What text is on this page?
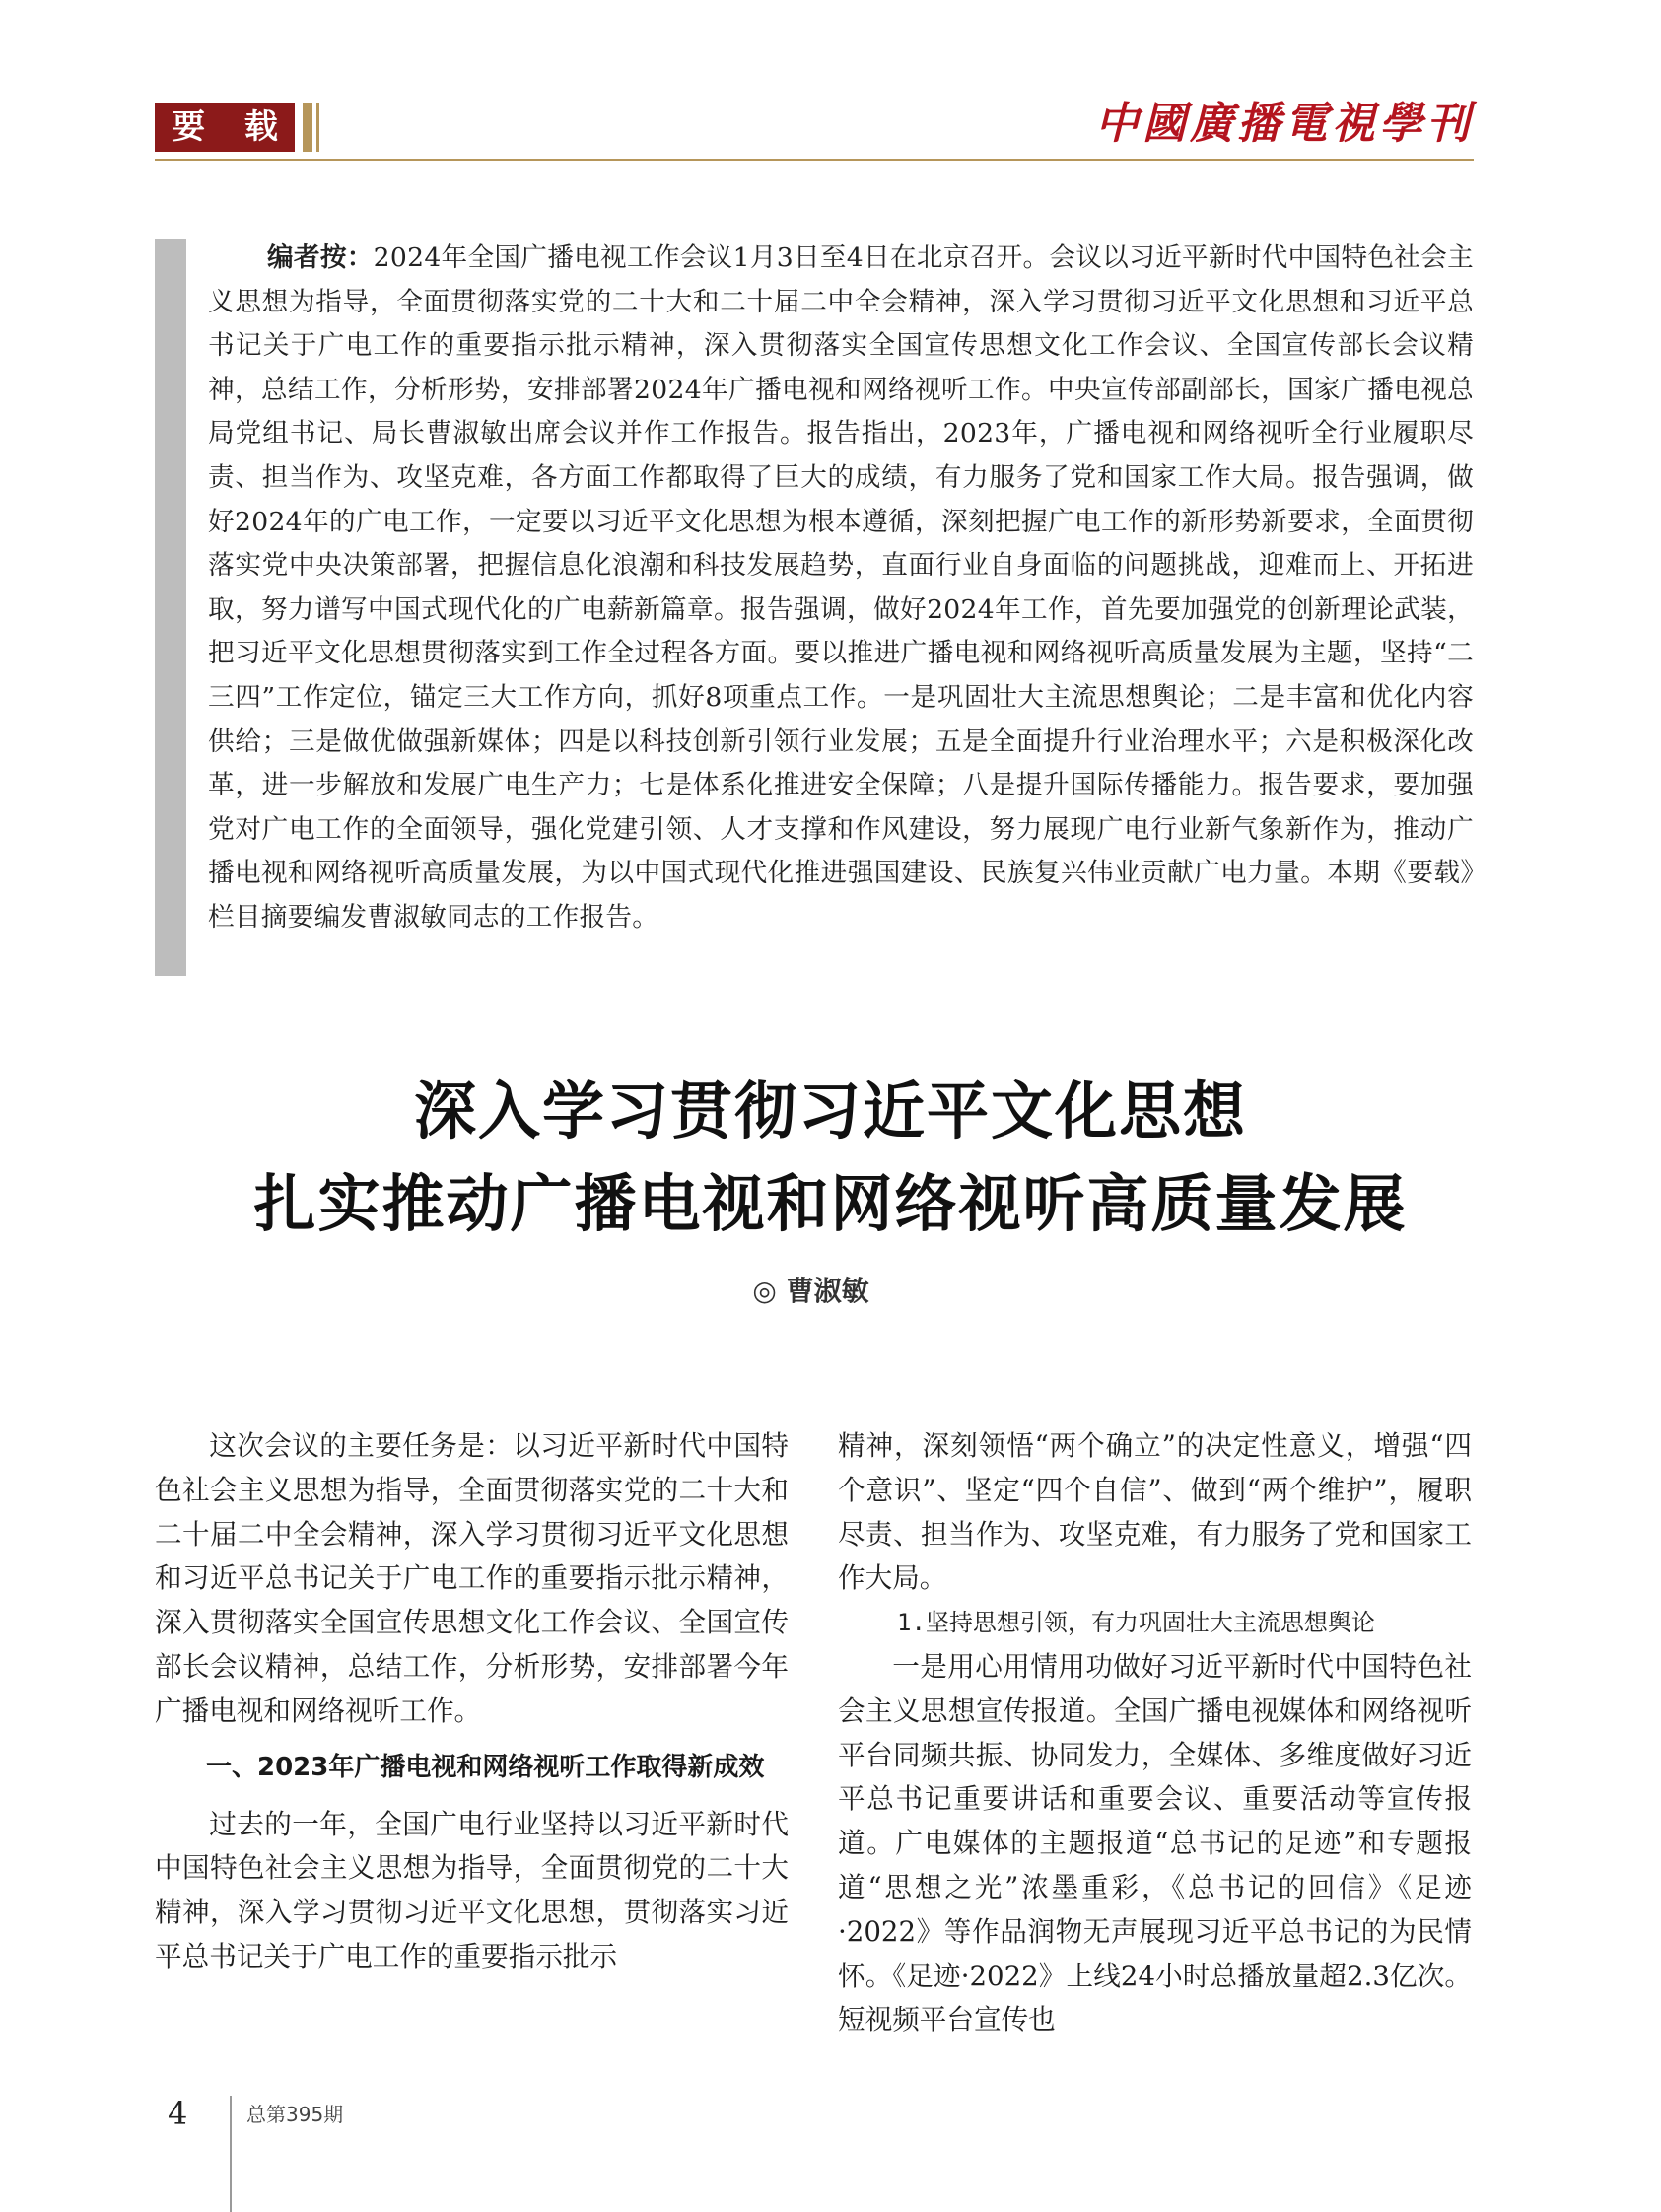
要 载	中國廣播電視學刊

编者按：2024年全国广播电视工作会议1月3日至4日在北京召开。会议以习近平新时代中国特色社会主义思想为指导，全面贯彻落实党的二十大和二十届二中全会精神，深入学习贯彻习近平文化思想和习近平总书记关于广电工作的重要指示批示精神，深入贯彻落实全国宣传思想文化工作会议、全国宣传部长会议精神，总结工作，分析形势，安排部署2024年广播电视和网络视听工作。中央宣传部副部长，国家广播电视总局党组书记、局长曹淑敏出席会议并作工作报告。报告指出，2023年，广播电视和网络视听全行业履职尽责、担当作为、攻坚克难，各方面工作都取得了巨大的成绩，有力服务了党和国家工作大局。报告强调，做好2024年的广电工作，一定要以习近平文化思想为根本遵循，深刻把握广电工作的新形势新要求，全面贯彻落实党中央决策部署，把握信息化浪潮和科技发展趋势，直面行业自身面临的问题挑战，迎难而上、开拓进取，努力谱写中国式现代化的广电薪新篇章。报告强调，做好2024年工作，首先要加强党的创新理论武装，把习近平文化思想贯彻落实到工作全过程各方面。要以推进广播电视和网络视听高质量发展为主题，坚持“二三四”工作定位，锚定三大工作方向，抓好8项重点工作。一是巩固壮大主流思想舆论；二是丰富和优化内容供给；三是做优做强新媒体；四是以科技创新引领行业发展；五是全面提升行业治理水平；六是积极深化改革，进一步解放和发展广电生产力；七是体系化推进安全保障；八是提升国际传播能力。报告要求，要加强党对广电工作的全面领导，强化党建引领、人才支撑和作风建设，努力展现广电行业新气象新作为，推动广播电视和网络视听高质量发展，为以中国式现代化推进强国建设、民族复兴伟业贡献广电力量。本期《要载》栏目摘要编发曹淑敏同志的工作报告。

深入学习贯彻习近平文化思想
扎实推动广播电视和网络视听高质量发展
◎ 曹淑敏

这次会议的主要任务是：以习近平新时代中国特色社会主义思想为指导，全面贯彻落实党的二十大和二十届二中全会精神，深入学习贯彻习近平文化思想和习近平总书记关于广电工作的重要指示批示精神，深入贯彻落实全国宣传思想文化工作会议、全国宣传部长会议精神，总结工作，分析形势，安排部署今年广播电视和网络视听工作。

一、2023年广播电视和网络视听工作取得新成效

过去的一年，全国广电行业坚持以习近平新时代中国特色社会主义思想为指导，全面贯彻党的二十大精神，深入学习贯彻习近平文化思想，贯彻落实习近平总书记关于广电工作的重要指示批示

精神，深刻领悟“两个确立”的决定性意义，增强“四个意识”、坚定“四个自信”、做到“两个维护”，履职尽责、担当作为、攻坚克难，有力服务了党和国家工作大局。

1.坚持思想引领，有力巩固壮大主流思想舆论

一是用心用情用功做好习近平新时代中国特色社会主义思想宣传报道。全国广播电视媒体和网络视听平台同频共振、协同发力，全媒体、多维度做好习近平总书记重要讲话和重要会议、重要活动等宣传报道。广电媒体的主题报道“总书记的足迹”和专题报道“思想之光”浓墨重彩，《总书记的回信》《足迹·2022》等作品润物无声展现习近平总书记的为民情怀。《足迹·2022》上线24小时总播放量超2.3亿次。短视频平台宣传也

4	总第395期
